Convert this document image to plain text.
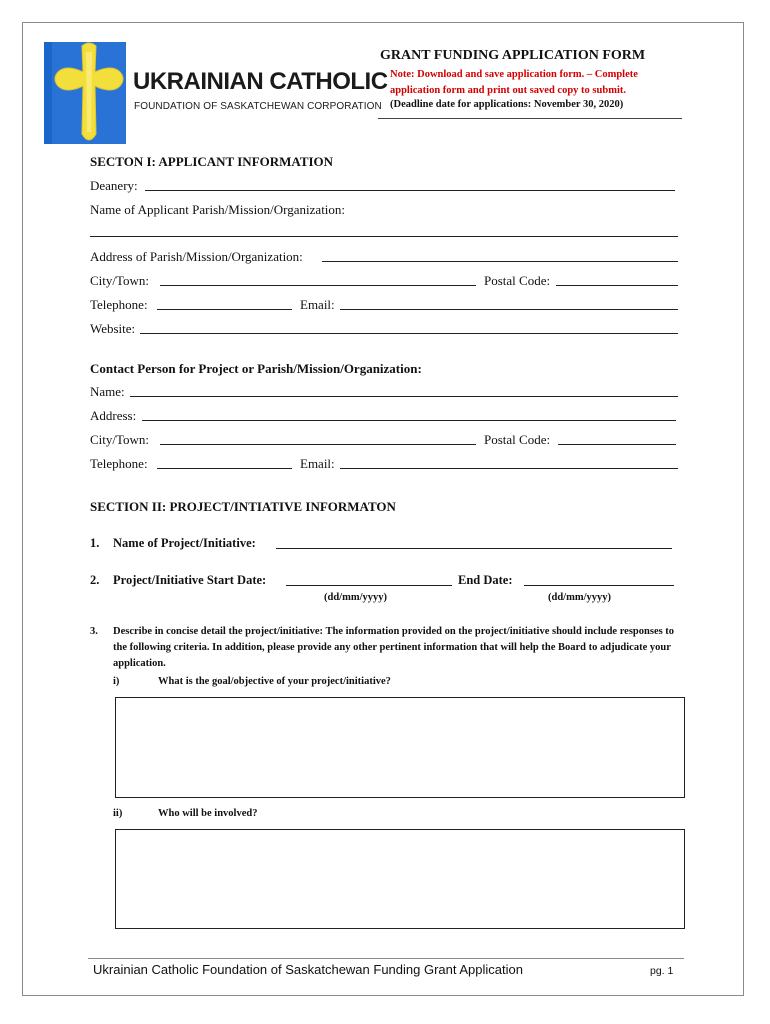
UKRAINIAN CATHOLIC
FOUNDATION OF SASKATCHEWAN CORPORATION
GRANT FUNDING APPLICATION FORM
Note: Download and save application form. – Complete application form and print out saved copy to submit.
(Deadline date for applications: November 30, 2020)
SECTON I: APPLICANT INFORMATION
Deanery:
Name of Applicant Parish/Mission/Organization:
Address of Parish/Mission/Organization:
City/Town:	Postal Code:
Telephone:	Email:
Website:
Contact Person for Project or Parish/Mission/Organization:
Name:
Address:
City/Town:	Postal Code:
Telephone:	Email:
SECTION II: PROJECT/INTIATIVE INFORMATON
1. Name of Project/Initiative:
2. Project/Initiative Start Date:	End Date:
(dd/mm/yyyy)	(dd/mm/yyyy)
3. Describe in concise detail the project/initiative: The information provided on the project/initiative should include responses to the following criteria. In addition, please provide any other pertinent information that will help the Board to adjudicate your application.
i)	What is the goal/objective of your project/initiative?
ii)	Who will be involved?
Ukrainian Catholic Foundation of Saskatchewan Funding Grant Application	pg. 1
